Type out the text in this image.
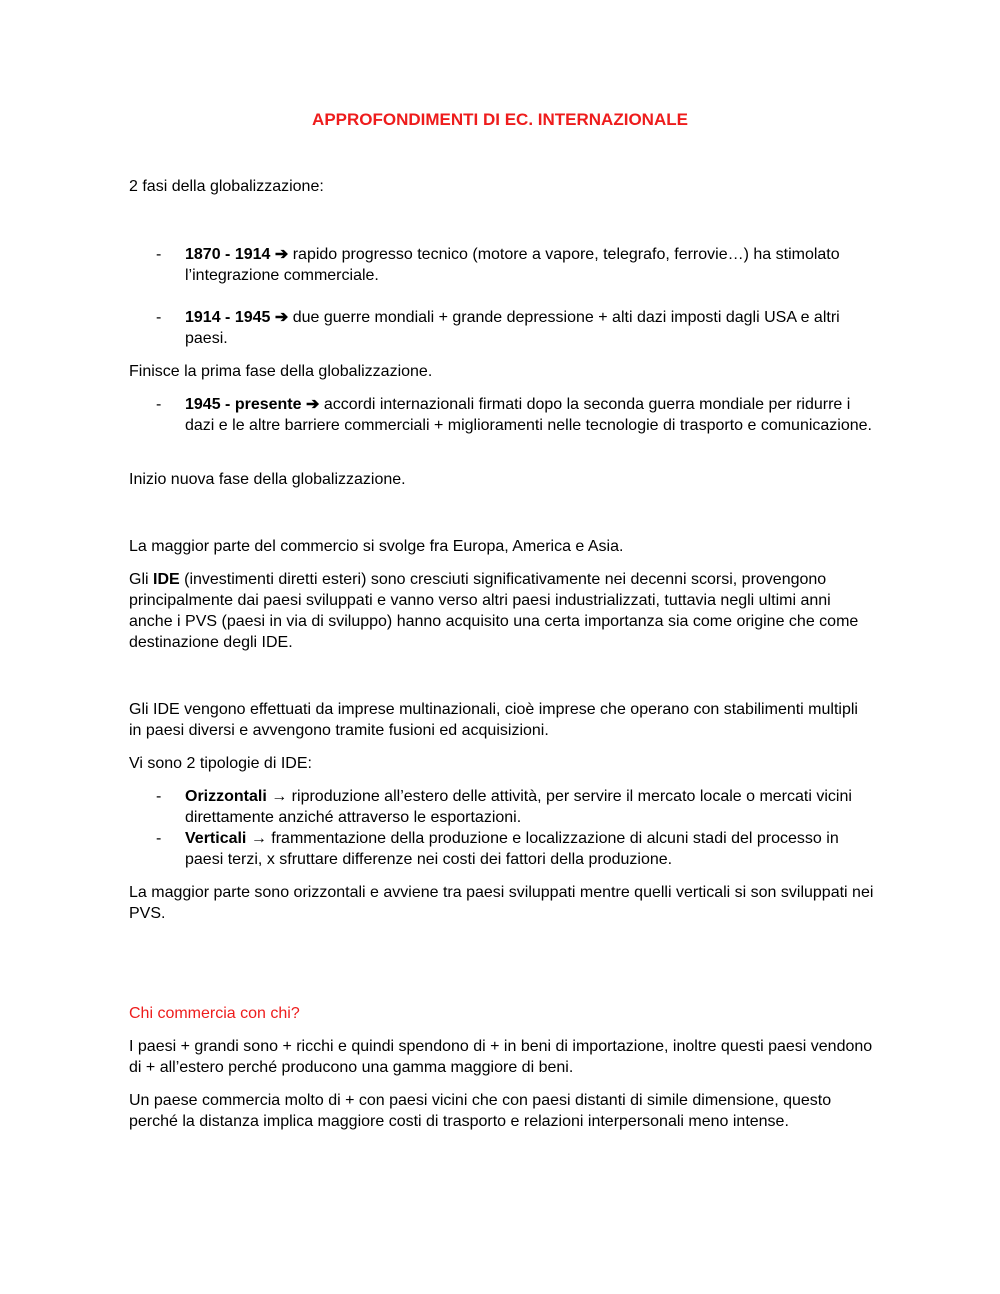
APPROFONDIMENTI DI EC. INTERNAZIONALE

2 fasi della globalizzazione:

- 1870 - 1914 ➔ rapido progresso tecnico (motore a vapore, telegrafo, ferrovie…) ha stimolato l’integrazione commerciale.
- 1914 - 1945 ➔ due guerre mondiali + grande depressione + alti dazi imposti dagli USA e altri paesi.

Finisce la prima fase della globalizzazione.

- 1945 - presente ➔ accordi internazionali firmati dopo la seconda guerra mondiale per ridurre i dazi e le altre barriere commerciali + miglioramenti nelle tecnologie di trasporto e comunicazione.

Inizio nuova fase della globalizzazione.

La maggior parte del commercio si svolge fra Europa, America e Asia.

Gli IDE (investimenti diretti esteri) sono cresciuti significativamente nei decenni scorsi, provengono principalmente dai paesi sviluppati e vanno verso altri paesi industrializzati, tuttavia negli ultimi anni anche i PVS (paesi in via di sviluppo) hanno acquisito una certa importanza sia come origine che come destinazione degli IDE.

Gli IDE vengono effettuati da imprese multinazionali, cioè imprese che operano con stabilimenti multipli in paesi diversi e avvengono tramite fusioni ed acquisizioni.

Vi sono 2 tipologie di IDE:

- Orizzontali → riproduzione all’estero delle attività, per servire il mercato locale o mercati vicini direttamente anziché attraverso le esportazioni.
- Verticali → frammentazione della produzione e localizzazione di alcuni stadi del processo in paesi terzi, x sfruttare differenze nei costi dei fattori della produzione.

La maggior parte sono orizzontali e avviene tra paesi sviluppati mentre quelli verticali si son sviluppati nei PVS.

Chi commercia con chi?

I paesi + grandi sono + ricchi e quindi spendono di + in beni di importazione, inoltre questi paesi vendono di + all’estero perché producono una gamma maggiore di beni.

Un paese commercia molto di + con paesi vicini che con paesi distanti di simile dimensione, questo perché la distanza implica maggiore costi di trasporto e relazioni interpersonali meno intense.
